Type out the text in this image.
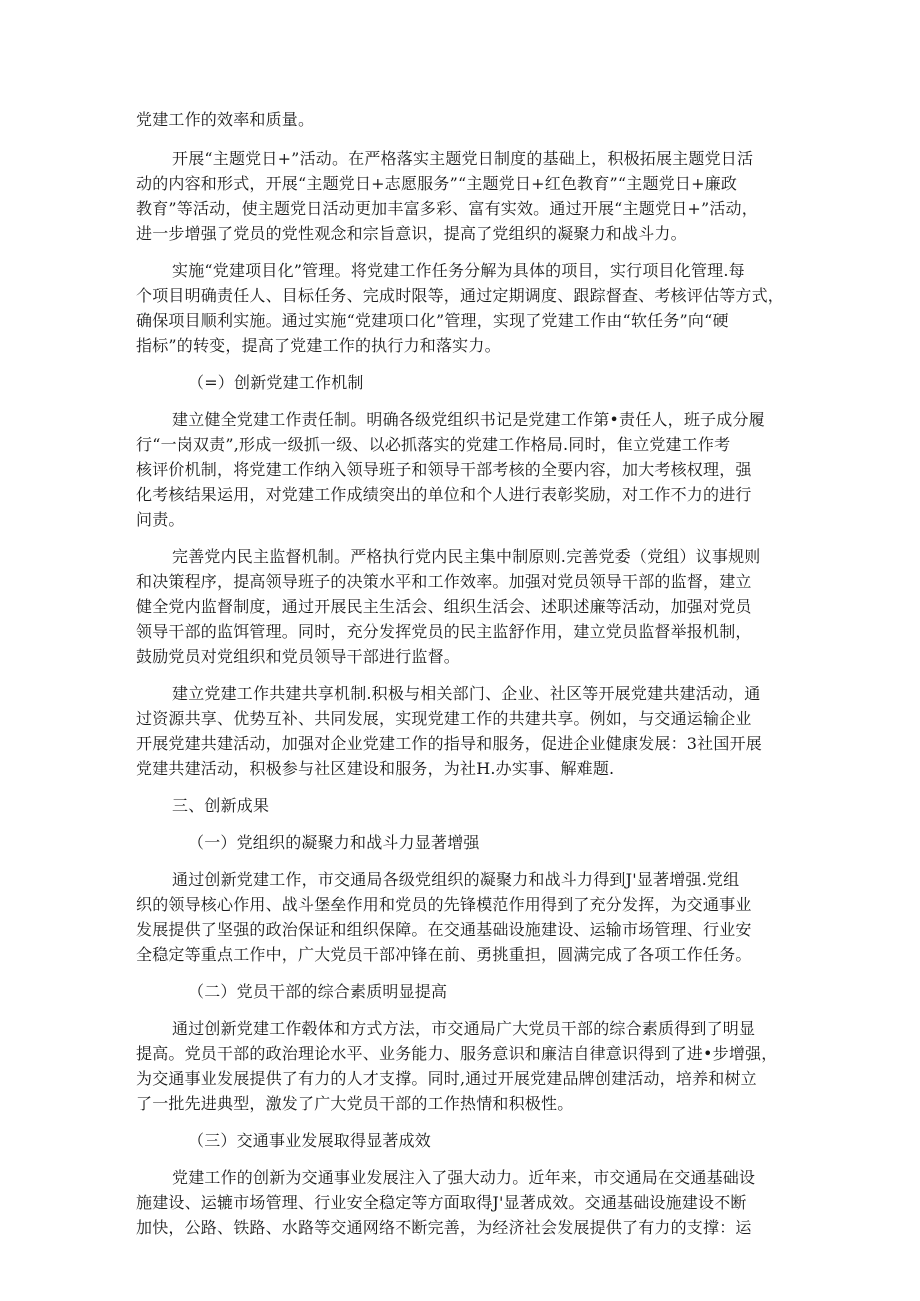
党建工作的效率和质量。
开展“主题党日+”活动。在严格落实主题党日制度的基础上，积极拓展主题党日活
动的内容和形式，开展“主题党日+志愿服务”“主题党日+红色教育”“主题党日+廉政
教育”等活动，使主题党日活动更加丰富多彩、富有实效。通过开展“主题党日+”活动，
进一步增强了党员的党性观念和宗旨意识，提高了党组织的凝聚力和战斗力。
实施“党建项目化”管理。将党建工作任务分解为具体的项目，实行项目化管理.每
个项目明确责任人、目标任务、完成时限等，通过定期调度、跟踪督查、考核评估等方式，
确保项目顺利实施。通过实施“党建项口化”管理，实现了党建工作由“软任务”向“硬
指标”的转变，提高了党建工作的执行力和落实力。
（=）创新党建工作机制
建立健全党建工作责任制。明确各级党组织书记是党建工作第•责任人，班子成分履
行“一岗双责”,形成一级抓一级、以必抓落实的党建工作格局.同时，隹立党建工作考
核评价机制，将党建工作纳入领导班子和领导干部考核的全要内容，加大考核权理，强
化考核结果运用，对党建工作成绩突出的单位和个人进行表彰奖励，对工作不力的进行
问责。
完善党内民主监督机制。严格执行党内民主集中制原则.完善党委（党组）议事规则
和决策程序，提高领导班子的决策水平和工作效率。加强对党员领导干部的监督，建立
健全党内监督制度，通过开展民主生活会、组织生活会、述职述廉等活动，加强对党员
领导干部的监饵管理。同时，充分发挥党员的民主监舒作用，建立党员监督举报机制，
鼓励党员对党组织和党员领导干部进行监督。
建立党建工作共建共享机制.积极与相关部门、企业、社区等开展党建共建活动，通
过资源共享、优势互补、共同发展，实现党建工作的共建共享。例如，与交通运输企业
开展党建共建活动，加强对企业党建工作的指导和服务，促进企业健康发展：3社国开展
党建共建活动，积极参与社区建设和服务，为社H.办实事、解难题.
三、创新成果
（一）党组织的凝聚力和战斗力显著增强
通过创新党建工作，市交通局各级党组织的凝聚力和战斗力得到J'显著增强.党组
织的领导核心作用、战斗堡垒作用和党员的先锋模范作用得到了充分发挥，为交通事业
发展提供了坚强的政治保证和组织保障。在交通基础设施建设、运输市场管理、行业安
全稳定等重点工作中，广大党员干部冲锋在前、勇挑重担，圆满完成了各项工作任务。
（二）党员干部的综合素质明显提高
通过创新党建工作毂体和方式方法，市交通局广大党员干部的综合素质得到了明显
提高。党员干部的政治理论水平、业务能力、服务意识和廉洁自律意识得到了进•步增强，
为交通事业发展提供了有力的人才支撑。同时,通过开展党建品牌创建活动，培养和树立
了一批先进典型，激发了广大党员干部的工作热情和积极性。
（三）交通事业发展取得显著成效
党建工作的创新为交通事业发展注入了强大动力。近年来，市交通局在交通基础设
施建设、运辘市场管理、行业安全稳定等方面取得J'显著成效。交通基础设施建设不断
加快，公路、铁路、水路等交通网络不断完善，为经济社会发展提供了有力的支撑：运
